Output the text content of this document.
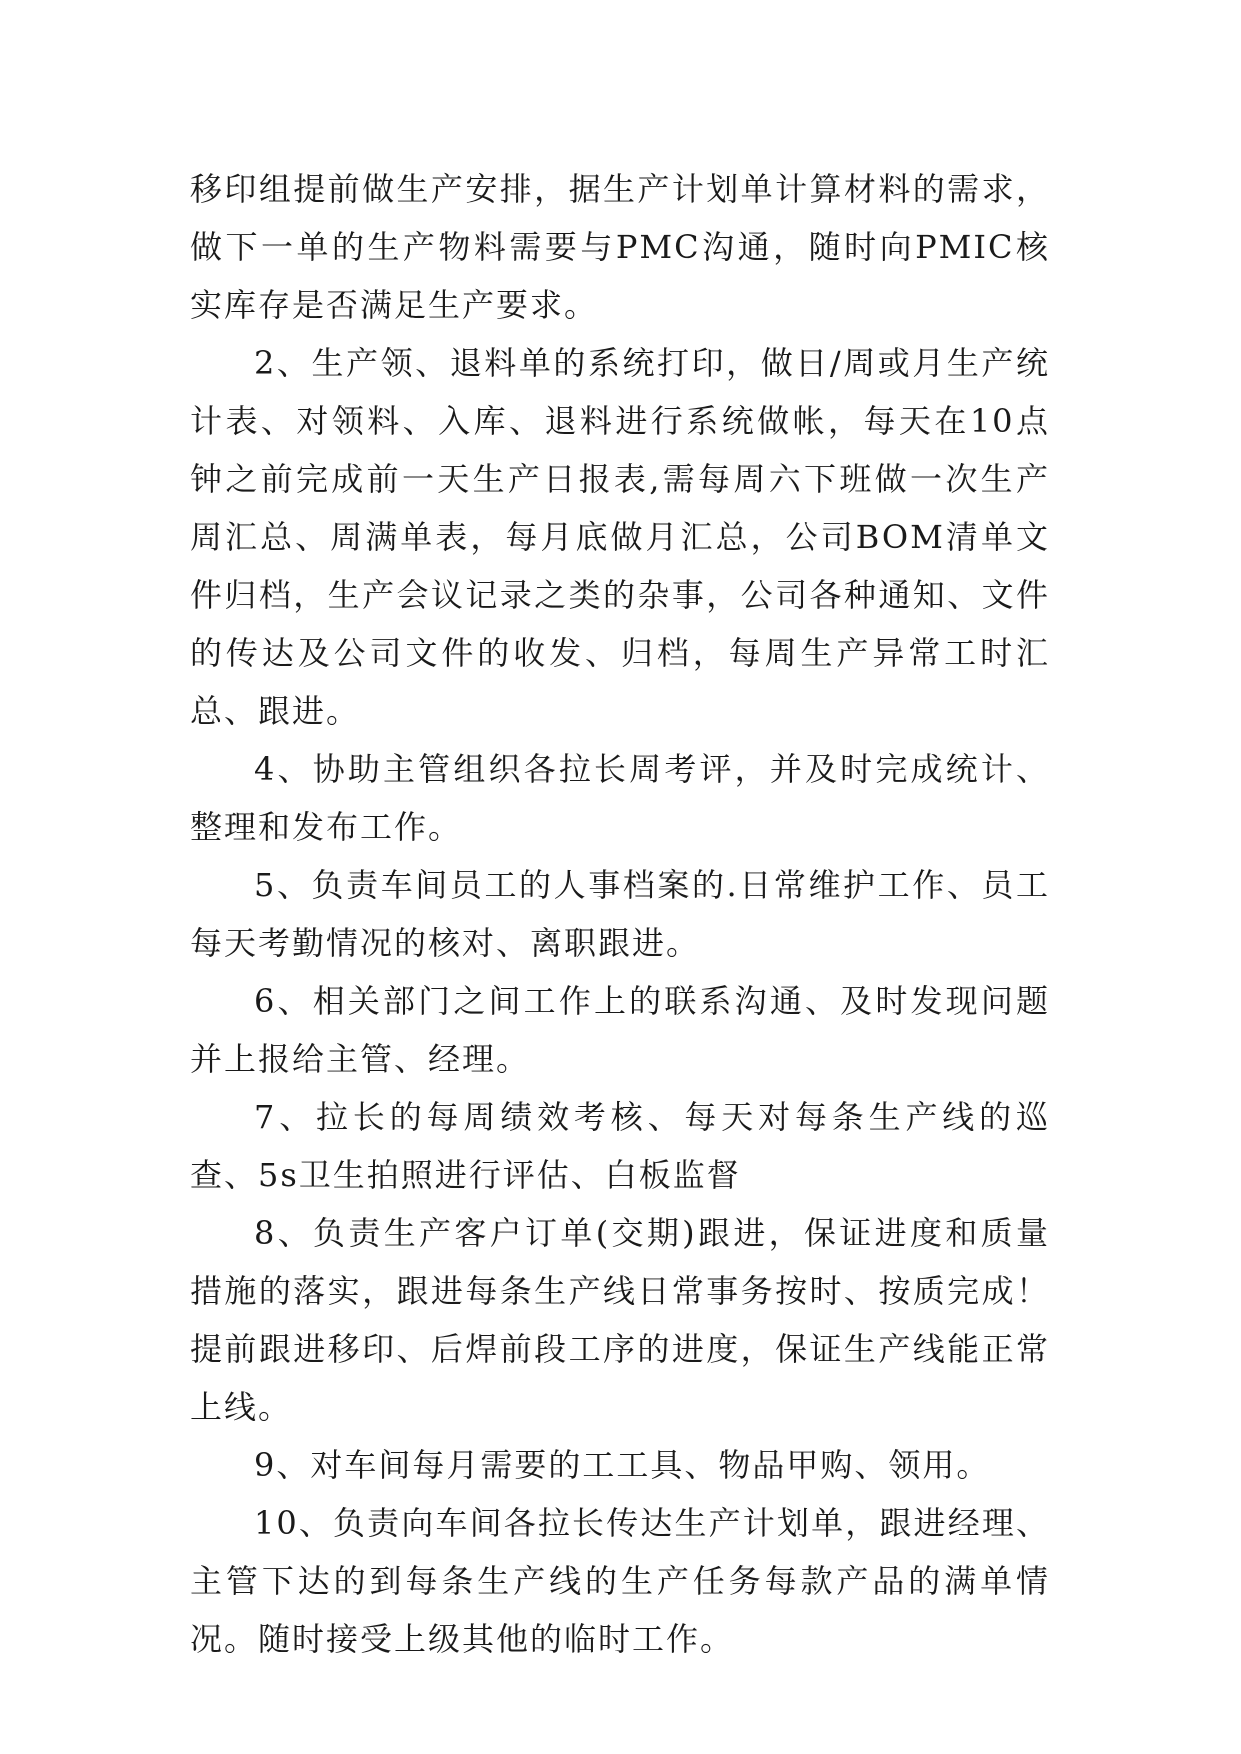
移印组提前做生产安排，据生产计划单计算材料的需求，做下一单的生产物料需要与PMC沟通，随时向PMIC核实库存是否满足生产要求。

2、生产领、退料单的系统打印，做日/周或月生产统计表、对领料、入库、退料进行系统做帐，每天在10点钟之前完成前一天生产日报表,需每周六下班做一次生产周汇总、周满单表，每月底做月汇总，公司BOM清单文件归档，生产会议记录之类的杂事，公司各种通知、文件的传达及公司文件的收发、归档，每周生产异常工时汇总、跟进。

4、协助主管组织各拉长周考评，并及时完成统计、整理和发布工作。

5、负责车间员工的人事档案的.日常维护工作、员工每天考勤情况的核对、离职跟进。

6、相关部门之间工作上的联系沟通、及时发现问题并上报给主管、经理。

7、拉长的每周绩效考核、每天对每条生产线的巡查、5s卫生拍照进行评估、白板监督

8、负责生产客户订单(交期)跟进，保证进度和质量措施的落实，跟进每条生产线日常事务按时、按质完成！提前跟进移印、后焊前段工序的进度，保证生产线能正常上线。

9、对车间每月需要的工工具、物品甲购、领用。

10、负责向车间各拉长传达生产计划单，跟进经理、主管下达的到每条生产线的生产任务每款产品的满单情况。随时接受上级其他的临时工作。
